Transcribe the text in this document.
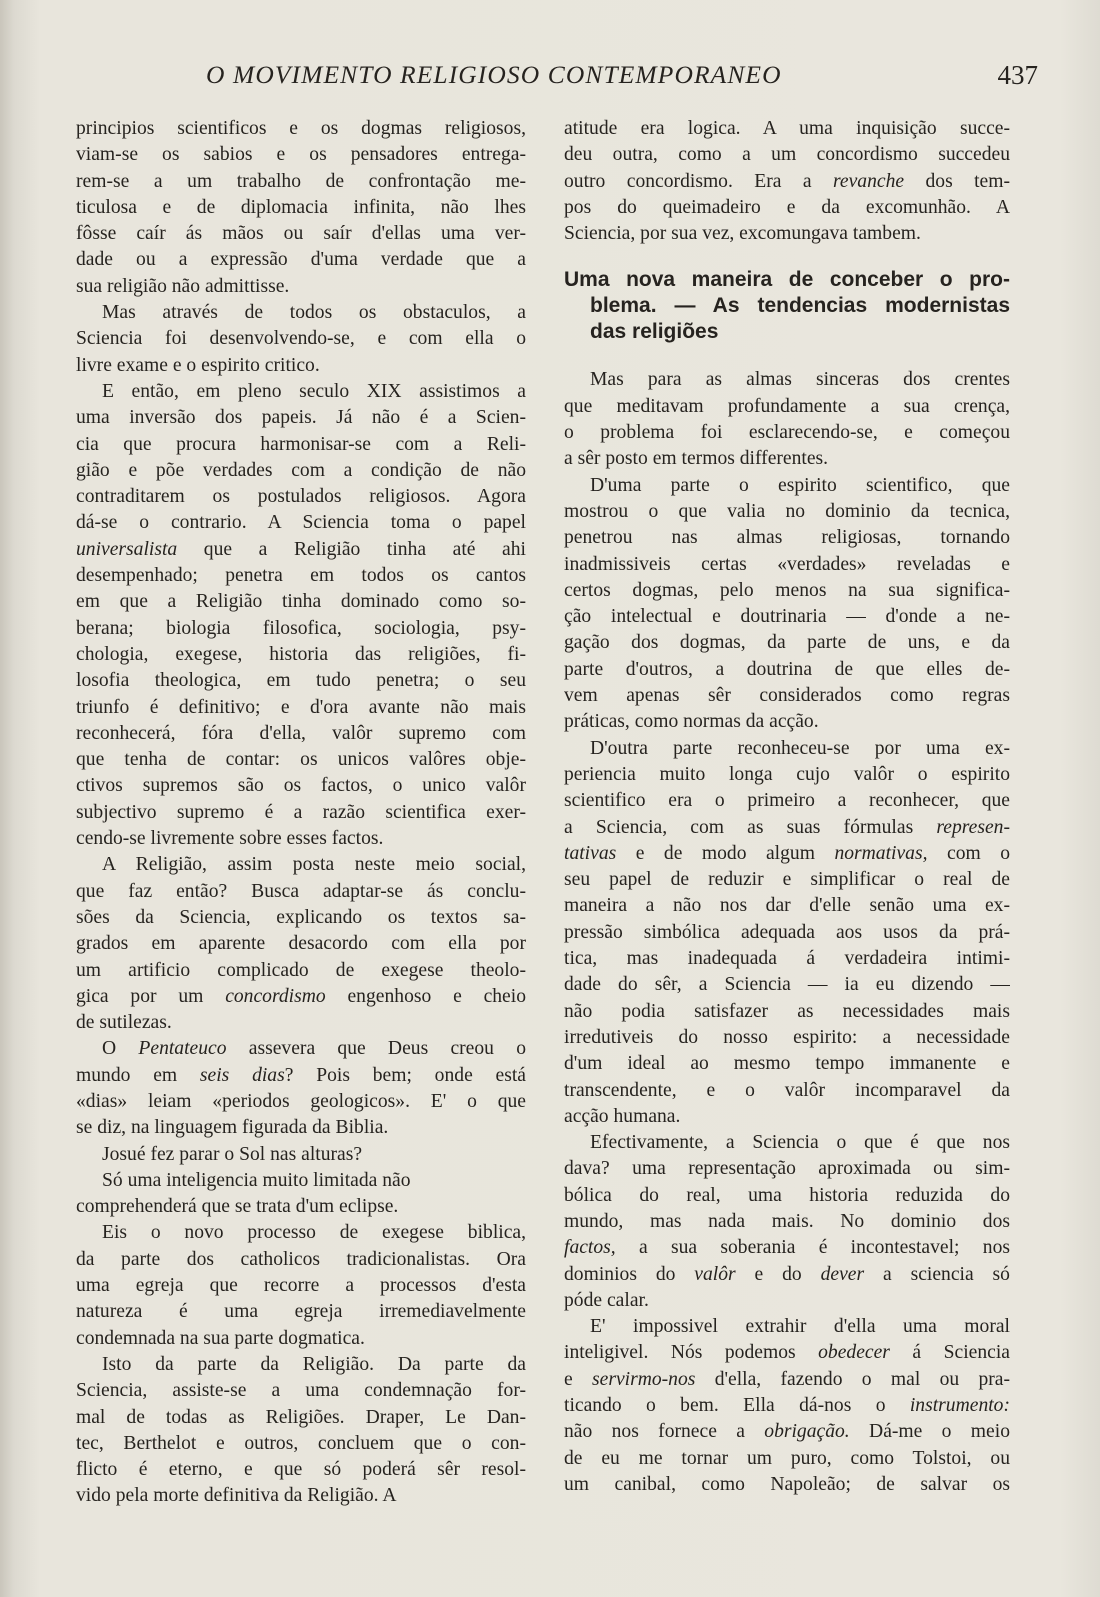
O MOVIMENTO RELIGIOSO CONTEMPORANEO	437
principios scientificos e os dogmas religiosos,
viam-se os sabios e os pensadores entrega-
rem-se a um trabalho de confrontação me-
ticulosa e de diplomacia infinita, não lhes
fôsse caír ás mãos ou saír d'ellas uma ver-
dade ou a expressão d'uma verdade que a
sua religião não admittisse.
Mas através de todos os obstaculos, a
Sciencia foi desenvolvendo-se, e com ella o
livre exame e o espirito critico.
E então, em pleno seculo XIX assistimos a
uma inversão dos papeis. Já não é a Scien-
cia que procura harmonisar-se com a Reli-
gião e põe verdades com a condição de não
contraditarem os postulados religiosos. Agora
dá-se o contrario. A Sciencia toma o papel
universalista que a Religião tinha até ahi
desempenhado; penetra em todos os cantos
em que a Religião tinha dominado como so-
berana; biologia filosofica, sociologia, psy-
chologia, exegese, historia das religiões, fi-
losofia theologica, em tudo penetra; o seu
triunfo é definitivo; e d'ora avante não mais
reconhecerá, fóra d'ella, valôr supremo com
que tenha de contar: os unicos valôres obje-
ctivos supremos são os factos, o unico valôr
subjectivo supremo é a razão scientifica exer-
cendo-se livremente sobre esses factos.
A Religião, assim posta neste meio social,
que faz então? Busca adaptar-se ás conclu-
sões da Sciencia, explicando os textos sa-
grados em aparente desacordo com ella por
um artificio complicado de exegese theolo-
gica por um concordismo engenhoso e cheio
de sutilezas.
O Pentateuco assevera que Deus creou o
mundo em seis dias? Pois bem; onde está
«dias» leiam «periodos geologicos». E' o que
se diz, na linguagem figurada da Biblia.
Josué fez parar o Sol nas alturas?
Só uma inteligencia muito limitada não
comprehenderá que se trata d'um eclipse.
Eis o novo processo de exegese biblica,
da parte dos catholicos tradicionalistas. Ora
uma egreja que recorre a processos d'esta
natureza é uma egreja irremediavelmente
condemnada na sua parte dogmatica.
Isto da parte da Religião. Da parte da
Sciencia, assiste-se a uma condemnação for-
mal de todas as Religiões. Draper, Le Dan-
tec, Berthelot e outros, concluem que o con-
flicto é eterno, e que só poderá sêr resol-
vido pela morte definitiva da Religião. A
atitude era logica. A uma inquisição succe-
deu outra, como a um concordismo succedeu
outro concordismo. Era a revanche dos tem-
pos do queimadeiro e da excomunhão. A
Sciencia, por sua vez, excomungava tambem.
Uma nova maneira de conceber o pro-
blema. — As tendencias modernistas
das religiões
Mas para as almas sinceras dos crentes
que meditavam profundamente a sua crença,
o problema foi esclarecendo-se, e começou
a sêr posto em termos differentes.
D'uma parte o espirito scientifico, que
mostrou o que valia no dominio da tecnica,
penetrou nas almas religiosas, tornando
inadmissiveis certas «verdades» reveladas e
certos dogmas, pelo menos na sua significa-
ção intelectual e doutrinaria — d'onde a ne-
gação dos dogmas, da parte de uns, e da
parte d'outros, a doutrina de que elles de-
vem apenas sêr considerados como regras
práticas, como normas da acção.
D'outra parte reconheceu-se por uma ex-
periencia muito longa cujo valôr o espirito
scientifico era o primeiro a reconhecer, que
a Sciencia, com as suas fórmulas represen-
tativas e de modo algum normativas, com o
seu papel de reduzir e simplificar o real de
maneira a não nos dar d'elle senão uma ex-
pressão simbólica adequada aos usos da prá-
tica, mas inadequada á verdadeira intimi-
dade do sêr, a Sciencia — ia eu dizendo —
não podia satisfazer as necessidades mais
irredutiveis do nosso espirito: a necessidade
d'um ideal ao mesmo tempo immanente e
transcendente, e o valôr incomparavel da
acção humana.
Efectivamente, a Sciencia o que é que nos
dava? uma representação aproximada ou sim-
bólica do real, uma historia reduzida do
mundo, mas nada mais. No dominio dos
factos, a sua soberania é incontestavel; nos
dominios do valôr e do dever a sciencia só
póde calar.
E' impossivel extrahir d'ella uma moral
inteligivel. Nós podemos obedecer á Sciencia
e servirmo-nos d'ella, fazendo o mal ou pra-
ticando o bem. Ella dá-nos o instrumento:
não nos fornece a obrigação. Dá-me o meio
de eu me tornar um puro, como Tolstoi, ou
um canibal, como Napoleão; de salvar os
